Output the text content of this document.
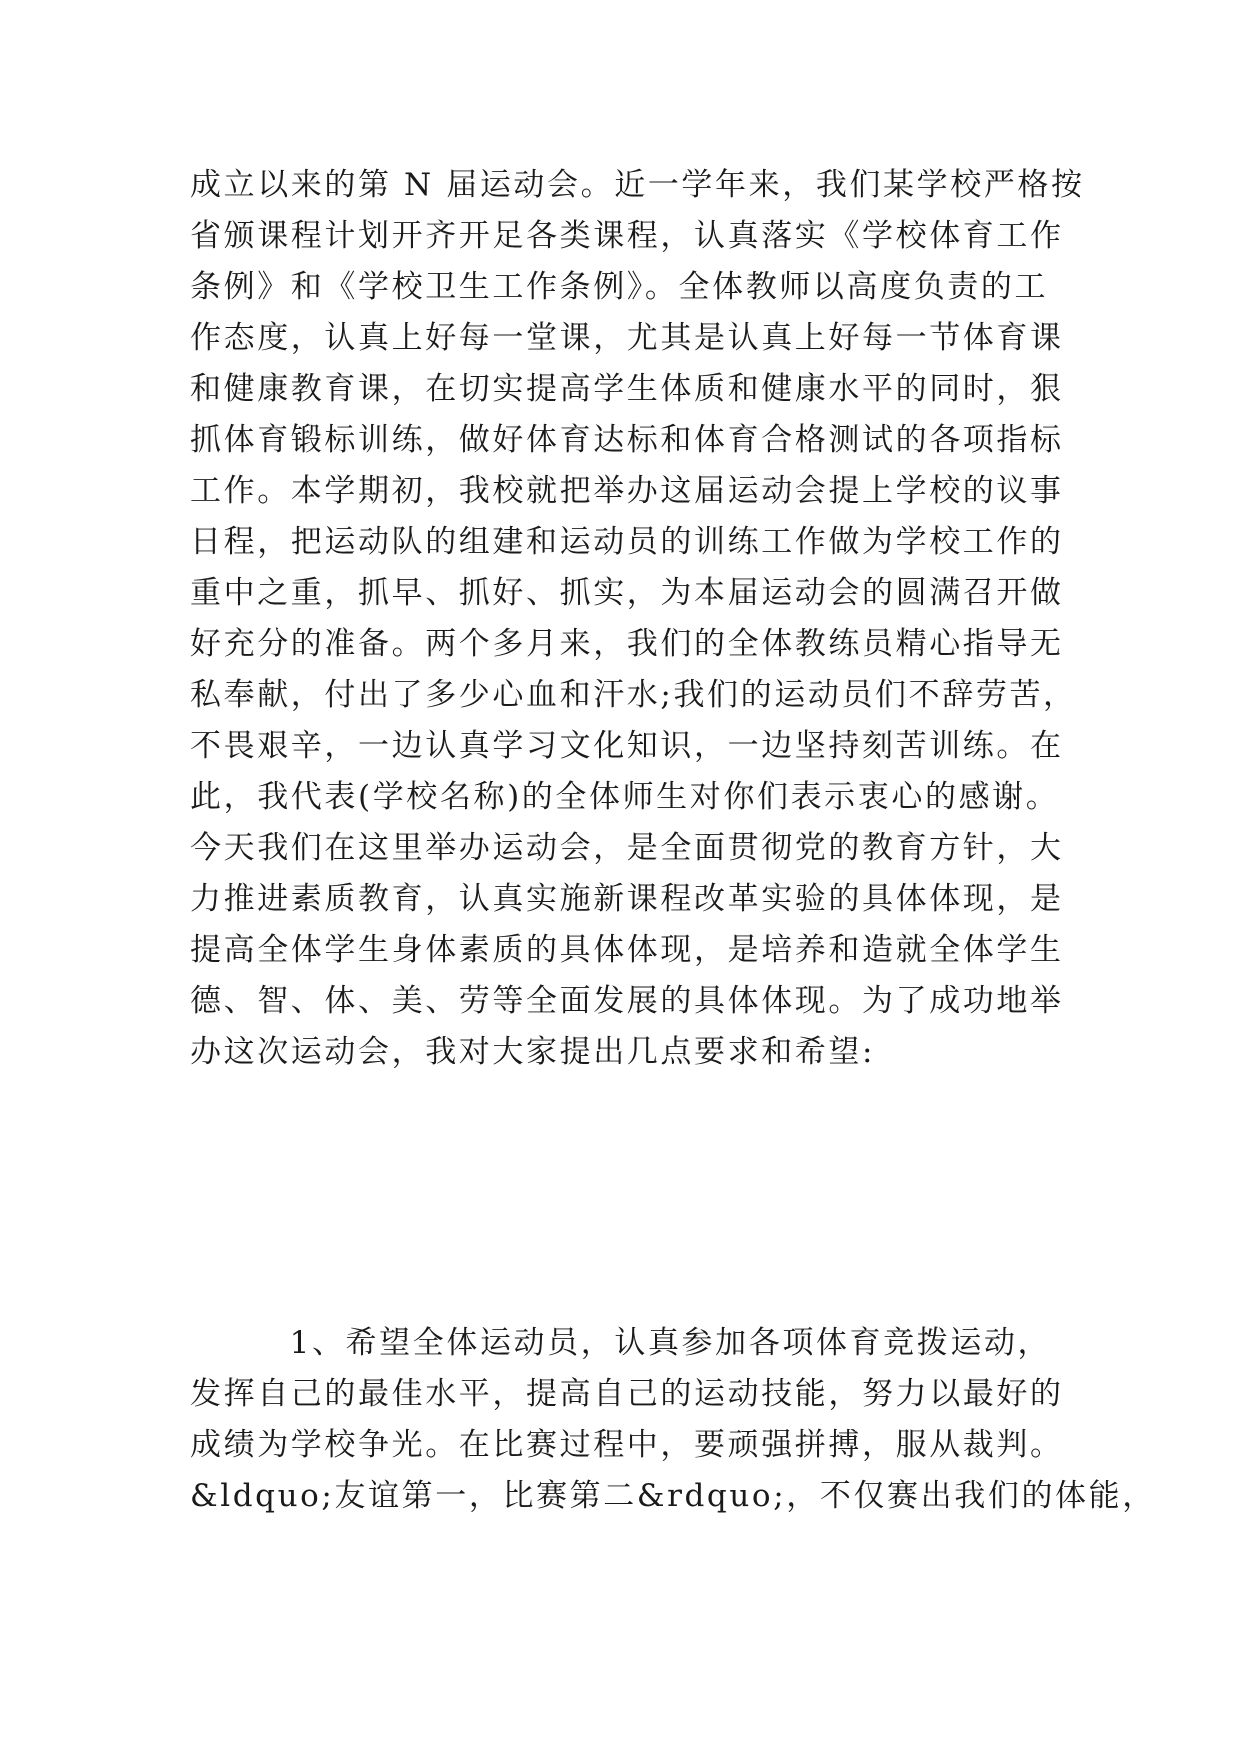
成立以来的第 N 届运动会。近一学年来，我们某学校严格按
省颁课程计划开齐开足各类课程，认真落实《学校体育工作
条例》和《学校卫生工作条例》。全体教师以高度负责的工
作态度，认真上好每一堂课，尤其是认真上好每一节体育课
和健康教育课，在切实提高学生体质和健康水平的同时，狠
抓体育锻标训练，做好体育达标和体育合格测试的各项指标
工作。本学期初，我校就把举办这届运动会提上学校的议事
日程，把运动队的组建和运动员的训练工作做为学校工作的
重中之重，抓早、抓好、抓实，为本届运动会的圆满召开做
好充分的准备。两个多月来，我们的全体教练员精心指导无
私奉献，付出了多少心血和汗水;我们的运动员们不辞劳苦，
不畏艰辛，一边认真学习文化知识，一边坚持刻苦训练。在
此，我代表(学校名称)的全体师生对你们表示衷心的感谢。
今天我们在这里举办运动会，是全面贯彻党的教育方针，大
力推进素质教育，认真实施新课程改革实验的具体体现，是
提高全体学生身体素质的具体体现，是培养和造就全体学生
德、智、体、美、劳等全面发展的具体体现。为了成功地举
办这次运动会，我对大家提出几点要求和希望:
1、希望全体运动员，认真参加各项体育竞拨运动，
发挥自己的最佳水平，提高自己的运动技能，努力以最好的
成绩为学校争光。在比赛过程中，要顽强拼搏，服从裁判。
&ldquo;友谊第一，比赛第二&rdquo;，不仅赛出我们的体能，
